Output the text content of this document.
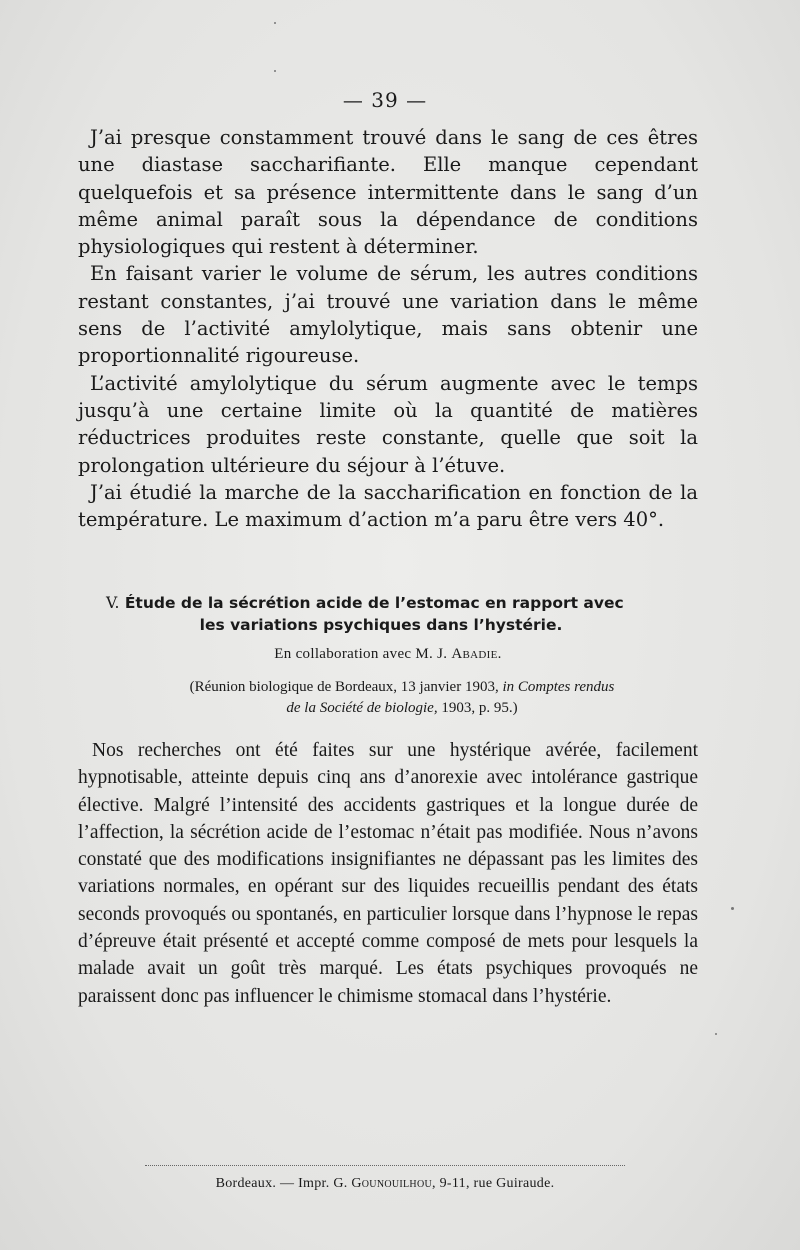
— 39 —

J’ai presque constamment trouvé dans le sang de ces êtres une diastase saccharifiante. Elle manque cependant quelquefois et sa présence intermittente dans le sang d’un même animal paraît sous la dépendance de conditions physiologiques qui restent à déterminer.

En faisant varier le volume de sérum, les autres conditions restant constantes, j’ai trouvé une variation dans le même sens de l’activité amylolytique, mais sans obtenir une proportionnalité rigoureuse.

L’activité amylolytique du sérum augmente avec le temps jusqu’à une certaine limite où la quantité de matières réductrices produites reste constante, quelle que soit la prolongation ultérieure du séjour à l’étuve.

J’ai étudié la marche de la saccharification en fonction de la température. Le maximum d’action m’a paru être vers 40°.

V. Étude de la sécrétion acide de l’estomac en rapport avec
les variations psychiques dans l’hystérie.
En collaboration avec M. J. Abadie.
(Réunion biologique de Bordeaux, 13 janvier 1903, in Comptes rendus
de la Société de biologie, 1903, p. 95.)

Nos recherches ont été faites sur une hystérique avérée, facilement hypnotisable, atteinte depuis cinq ans d’anorexie avec intolérance gastrique élective. Malgré l’intensité des accidents gastriques et la longue durée de l’affection, la sécrétion acide de l’estomac n’était pas modifiée. Nous n’avons constaté que des modifications insignifiantes ne dépassant pas les limites des variations normales, en opérant sur des liquides recueillis pendant des états seconds provoqués ou spontanés, en particulier lorsque dans l’hypnose le repas d’épreuve était présenté et accepté comme composé de mets pour lesquels la malade avait un goût très marqué. Les états psychiques provoqués ne paraissent donc pas influencer le chimisme stomacal dans l’hystérie.

Bordeaux. — Impr. G. Gounouilhou, 9-11, rue Guiraude.
